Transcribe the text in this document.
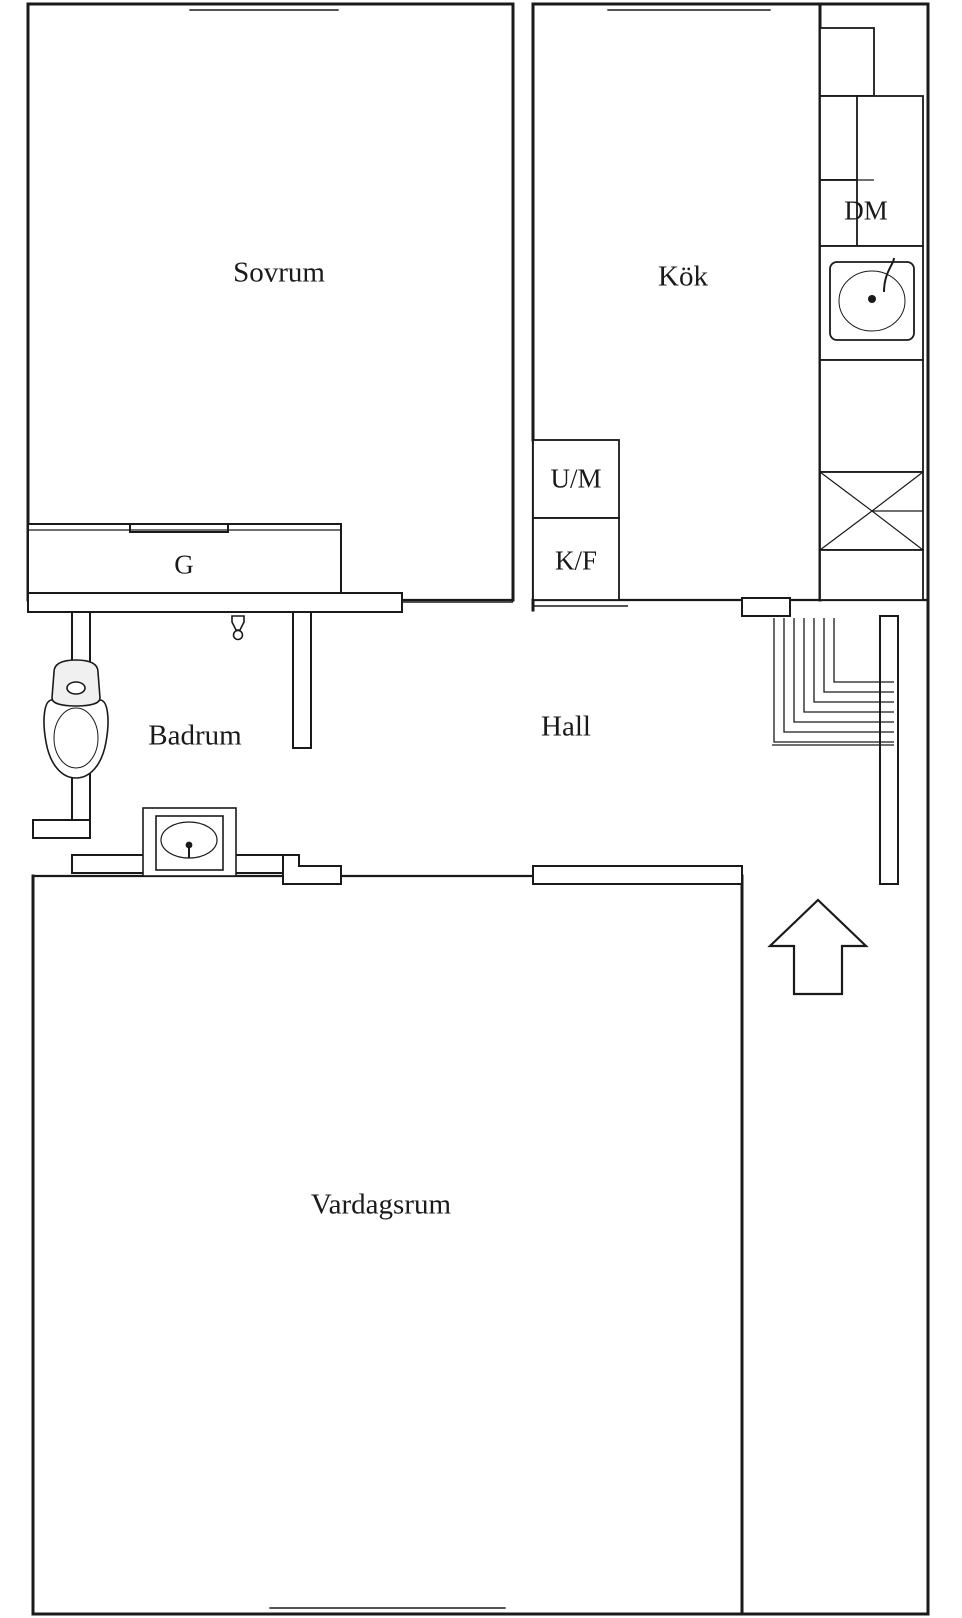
Sovrum	Kök
Badrum	Hall
Vardagsrum
G
DM
U/M
K/F
